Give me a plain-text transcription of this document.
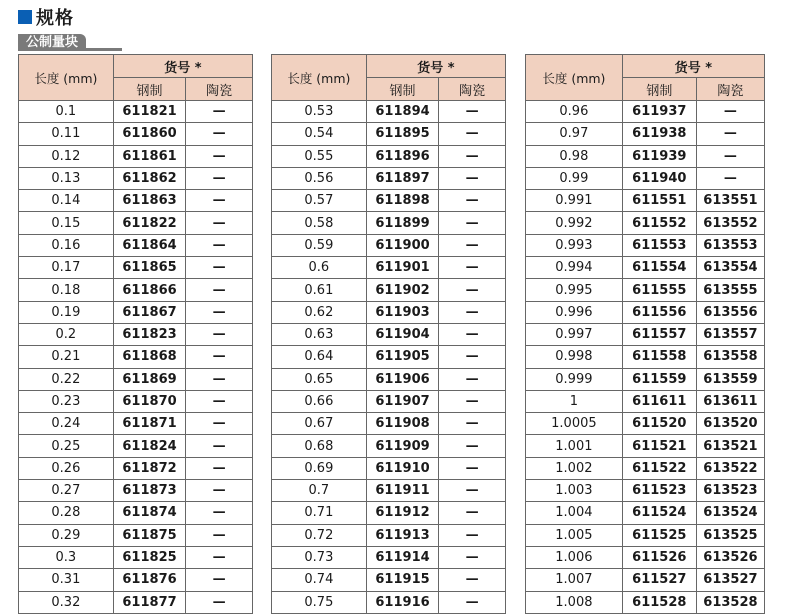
规格
公制量块
长度 (mm)	货号 *	
	钢制	陶瓷
0.1	611821	—
0.11	611860	—
0.12	611861	—
0.13	611862	—
0.14	611863	—
0.15	611822	—
0.16	611864	—
0.17	611865	—
0.18	611866	—
0.19	611867	—
0.2	611823	—
0.21	611868	—
0.22	611869	—
0.23	611870	—
0.24	611871	—
0.25	611824	—
0.26	611872	—
0.27	611873	—
0.28	611874	—
0.29	611875	—
0.3	611825	—
0.31	611876	—
0.32	611877	—
长度 (mm)	货号 *	
	钢制	陶瓷
0.53	611894	—
0.54	611895	—
0.55	611896	—
0.56	611897	—
0.57	611898	—
0.58	611899	—
0.59	611900	—
0.6	611901	—
0.61	611902	—
0.62	611903	—
0.63	611904	—
0.64	611905	—
0.65	611906	—
0.66	611907	—
0.67	611908	—
0.68	611909	—
0.69	611910	—
0.7	611911	—
0.71	611912	—
0.72	611913	—
0.73	611914	—
0.74	611915	—
0.75	611916	—
长度 (mm)	货号 *	
	钢制	陶瓷
0.96	611937	—
0.97	611938	—
0.98	611939	—
0.99	611940	—
0.991	611551	613551
0.992	611552	613552
0.993	611553	613553
0.994	611554	613554
0.995	611555	613555
0.996	611556	613556
0.997	611557	613557
0.998	611558	613558
0.999	611559	613559
1	611611	613611
1.0005	611520	613520
1.001	611521	613521
1.002	611522	613522
1.003	611523	613523
1.004	611524	613524
1.005	611525	613525
1.006	611526	613526
1.007	611527	613527
1.008	611528	613528
